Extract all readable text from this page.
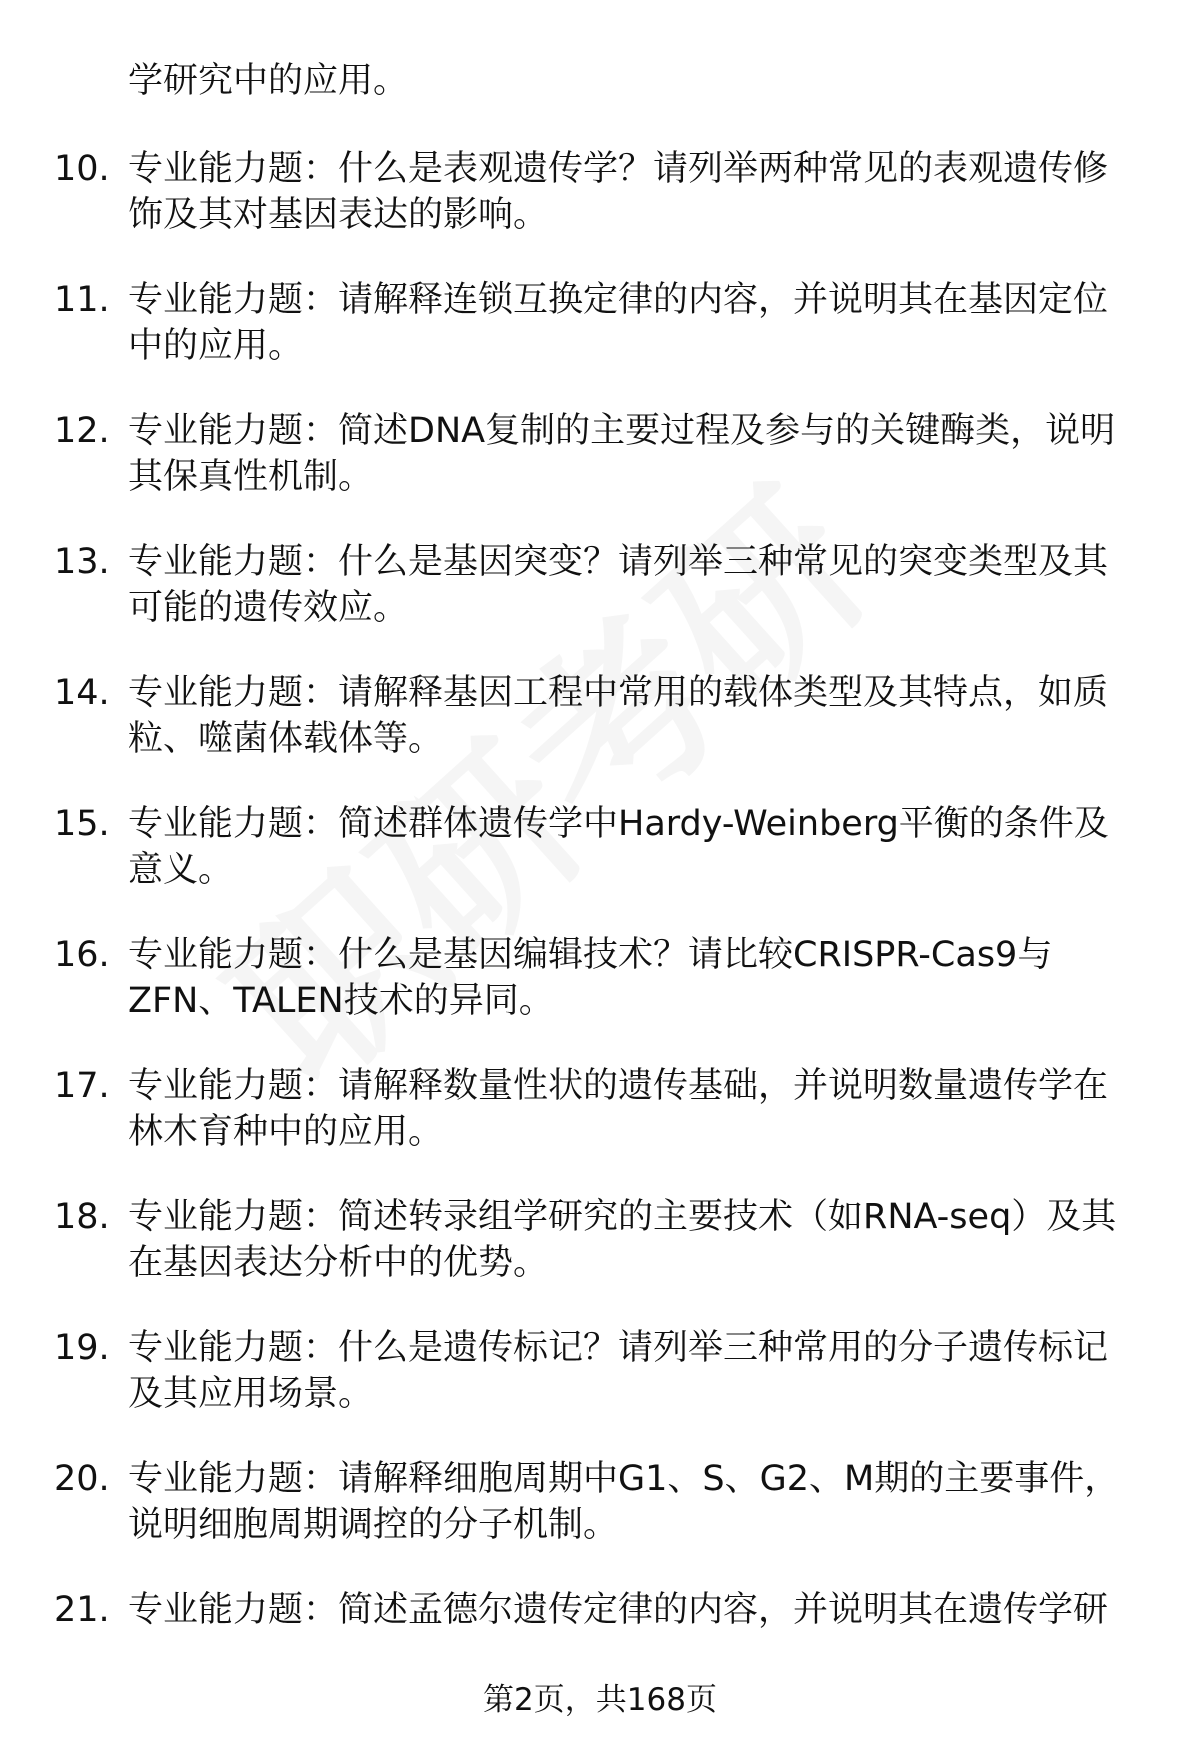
学研究中的应用。
10. 专业能力题：什么是表观遗传学？请列举两种常见的表观遗传修
饰及其对基因表达的影响。
11. 专业能力题：请解释连锁互换定律的内容，并说明其在基因定位
中的应用。
12. 专业能力题：简述DNA复制的主要过程及参与的关键酶类，说明
其保真性机制。
13. 专业能力题：什么是基因突变？请列举三种常见的突变类型及其
可能的遗传效应。
14. 专业能力题：请解释基因工程中常用的载体类型及其特点，如质
粒、噬菌体载体等。
15. 专业能力题：简述群体遗传学中Hardy-Weinberg平衡的条件及
意义。
16. 专业能力题：什么是基因编辑技术？请比较CRISPR-Cas9与
ZFN、TALEN技术的异同。
17. 专业能力题：请解释数量性状的遗传基础，并说明数量遗传学在
林木育种中的应用。
18. 专业能力题：简述转录组学研究的主要技术（如RNA-seq）及其
在基因表达分析中的优势。
19. 专业能力题：什么是遗传标记？请列举三种常用的分子遗传标记
及其应用场景。
20. 专业能力题：请解释细胞周期中G1、S、G2、M期的主要事件，
说明细胞周期调控的分子机制。
21. 专业能力题：简述孟德尔遗传定律的内容，并说明其在遗传学研
第2页，共168页
